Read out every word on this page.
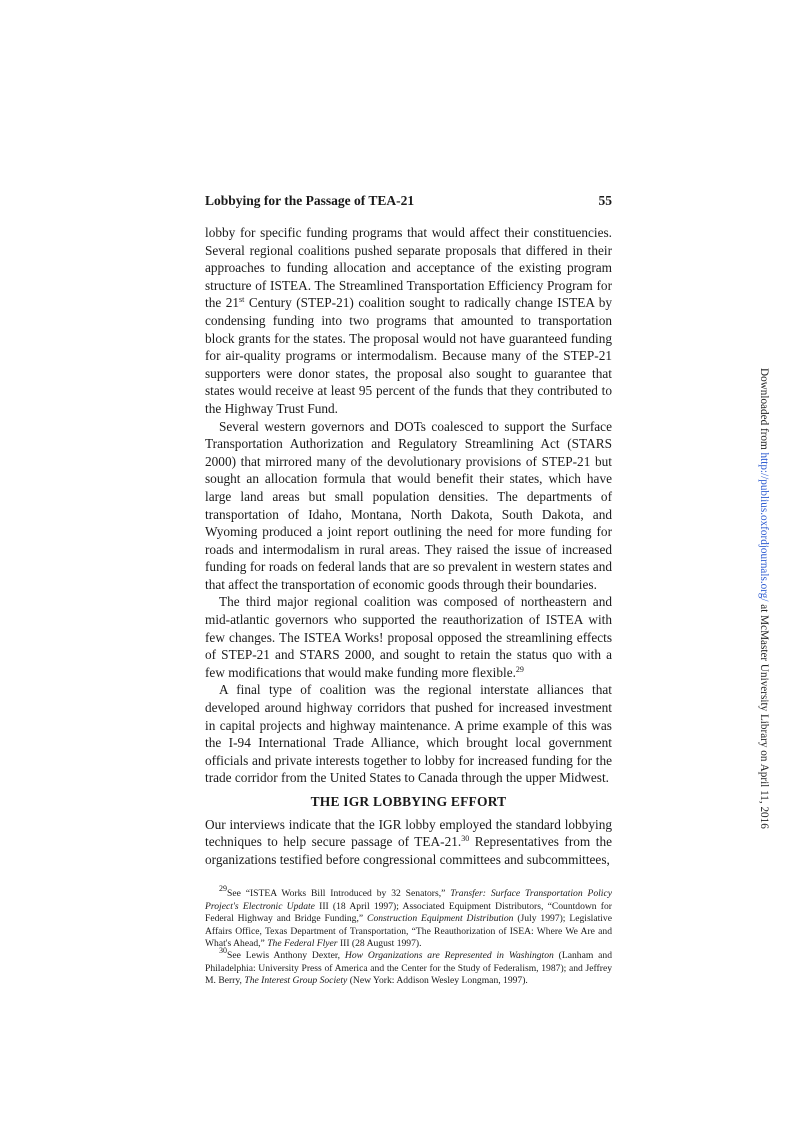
Lobbying for the Passage of TEA-21	55

lobby for specific funding programs that would affect their constituencies. Several regional coalitions pushed separate proposals that differed in their approaches to funding allocation and acceptance of the existing program structure of ISTEA. The Streamlined Transportation Efficiency Program for the 21st Century (STEP-21) coalition sought to radically change ISTEA by condensing funding into two programs that amounted to transportation block grants for the states. The proposal would not have guaranteed funding for air-quality programs or intermodalism. Because many of the STEP-21 supporters were donor states, the proposal also sought to guarantee that states would receive at least 95 percent of the funds that they contributed to the Highway Trust Fund.

Several western governors and DOTs coalesced to support the Surface Transportation Authorization and Regulatory Streamlining Act (STARS 2000) that mirrored many of the devolutionary provisions of STEP-21 but sought an allocation formula that would benefit their states, which have large land areas but small population densities. The departments of transportation of Idaho, Montana, North Dakota, South Dakota, and Wyoming produced a joint report outlining the need for more funding for roads and intermodalism in rural areas. They raised the issue of increased funding for roads on federal lands that are so prevalent in western states and that affect the transportation of economic goods through their boundaries.

The third major regional coalition was composed of northeastern and mid-atlantic governors who supported the reauthorization of ISTEA with few changes. The ISTEA Works! proposal opposed the streamlining effects of STEP-21 and STARS 2000, and sought to retain the status quo with a few modifications that would make funding more flexible.$^{29}$

A final type of coalition was the regional interstate alliances that developed around highway corridors that pushed for increased investment in capital projects and highway maintenance. A prime example of this was the I-94 International Trade Alliance, which brought local government officials and private interests together to lobby for increased funding for the trade corridor from the United States to Canada through the upper Midwest.

THE IGR LOBBYING EFFORT

Our interviews indicate that the IGR lobby employed the standard lobbying techniques to help secure passage of TEA-21.30 Representatives from the organizations testified before congressional committees and subcommittees,

$^{29}$See “ISTEA Works Bill Introduced by 32 Senators,” Transfer: Surface Transportation Policy Project's Electronic Update III (18 April 1997); Associated Equipment Distributors, “Countdown for Federal Highway and Bridge Funding,” Construction Equipment Distribution (July 1997); Legislative Affairs Office, Texas Department of Transportation, “The Reauthorization of ISEA: Where We Are and What's Ahead,” The Federal Flyer III (28 August 1997).

$^{30}$See Lewis Anthony Dexter, How Organizations are Represented in Washington (Lanham and Philadelphia: University Press of America and the Center for the Study of Federalism, 1987); and Jeffrey M. Berry, The Interest Group Society (New York: Addison Wesley Longman, 1997).

Downloaded from http://publius.oxfordjournals.org/ at McMaster University Library on April 11, 2016
